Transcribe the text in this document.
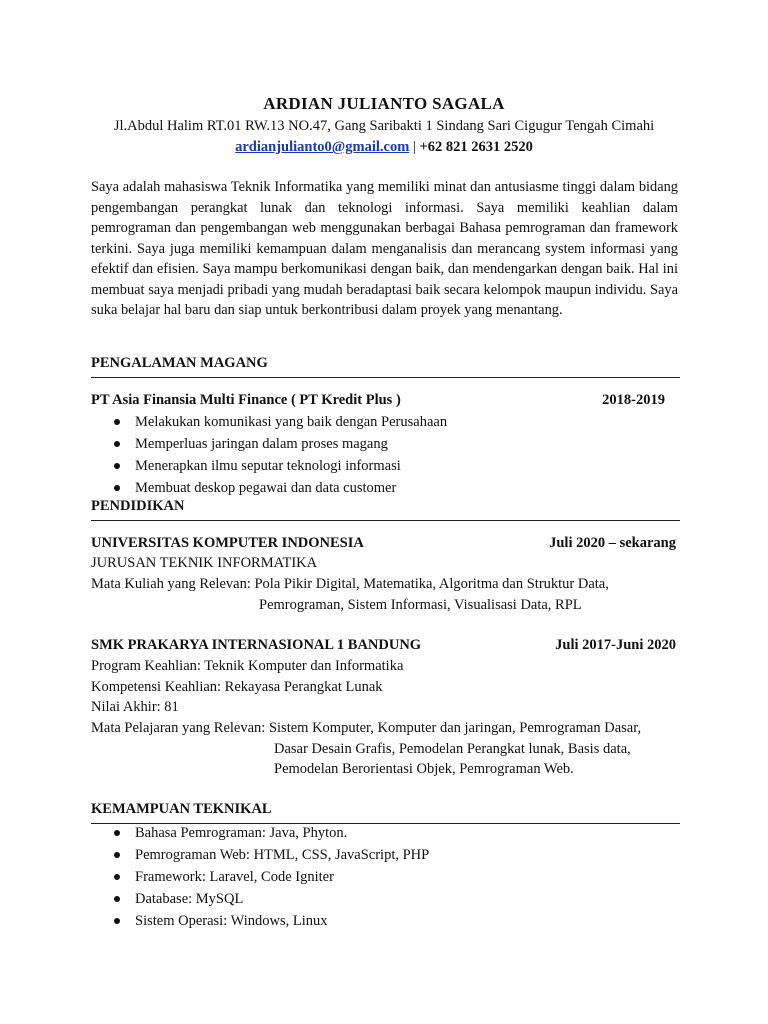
ARDIAN JULIANTO SAGALA
Jl.Abdul Halim RT.01 RW.13 NO.47, Gang Saribakti 1 Sindang Sari Cigugur Tengah Cimahi
ardianjulianto0@gmail.com | +62 821 2631 2520
Saya adalah mahasiswa Teknik Informatika yang memiliki minat dan antusiasme tinggi dalam bidang pengembangan perangkat lunak dan teknologi informasi. Saya memiliki keahlian dalam pemrograman dan pengembangan web menggunakan berbagai Bahasa pemrograman dan framework terkini. Saya juga memiliki kemampuan dalam menganalisis dan merancang system informasi yang efektif dan efisien. Saya mampu berkomunikasi dengan baik, dan mendengarkan dengan baik. Hal ini membuat saya menjadi pribadi yang mudah beradaptasi baik secara kelompok maupun individu. Saya suka belajar hal baru dan siap untuk berkontribusi dalam proyek yang menantang.
PENGALAMAN MAGANG
PT Asia Finansia Multi Finance ( PT Kredit Plus )	2018-2019
Melakukan komunikasi yang baik dengan Perusahaan
Memperluas jaringan dalam proses magang
Menerapkan ilmu seputar teknologi informasi
Membuat deskop pegawai dan data customer
PENDIDIKAN
UNIVERSITAS KOMPUTER INDONESIA	Juli 2020 – sekarang
JURUSAN TEKNIK INFORMATIKA
Mata Kuliah yang Relevan: Pola Pikir Digital, Matematika, Algoritma dan Struktur Data,
Pemrograman, Sistem Informasi, Visualisasi Data, RPL
SMK PRAKARYA INTERNASIONAL 1 BANDUNG	Juli 2017-Juni 2020
Program Keahlian: Teknik Komputer dan Informatika
Kompetensi Keahlian: Rekayasa Perangkat Lunak
Nilai Akhir: 81
Mata Pelajaran yang Relevan: Sistem Komputer, Komputer dan jaringan, Pemrograman Dasar,
Dasar Desain Grafis, Pemodelan Perangkat lunak, Basis data,
Pemodelan Berorientasi Objek, Pemrograman Web.
KEMAMPUAN TEKNIKAL
Bahasa Pemrograman: Java, Phyton.
Pemrograman Web: HTML, CSS, JavaScript, PHP
Framework: Laravel, Code Igniter
Database: MySQL
Sistem Operasi: Windows, Linux
